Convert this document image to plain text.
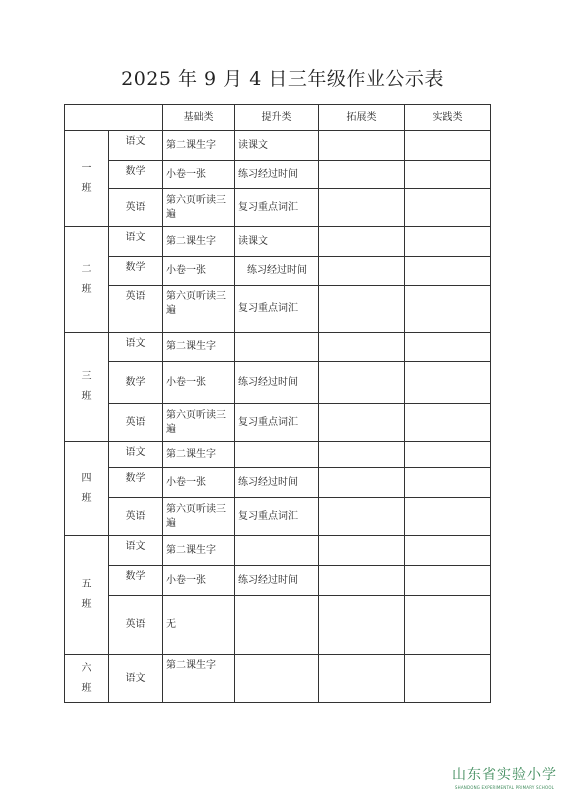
2025 年 9 月 4 日三年级作业公示表
		基础类	提升类	拓展类	实践类

一
班	语文	第二课生字	读课文		
	数学	小卷一张	练习经过时间		
	英语	第六页听读三遍	复习重点词汇		

二
班	语文	第二课生字	读课文		
	数学	小卷一张	练习经过时间		
	英语	第六页听读三遍	复习重点词汇		

三
班	语文	第二课生字			
	数学	小卷一张	练习经过时间		
	英语	第六页听读三遍	复习重点词汇		

四
班	语文	第二课生字			
	数学	小卷一张	练习经过时间		
	英语	第六页听读三遍	复习重点词汇		

五
班	语文	第二课生字			
	数学	小卷一张	练习经过时间		
	英语	无			

六
班	语文	第二课生字			
山东省实验小学
SHANDONG EXPERIMENTAL PRIMARY SCHOOL
